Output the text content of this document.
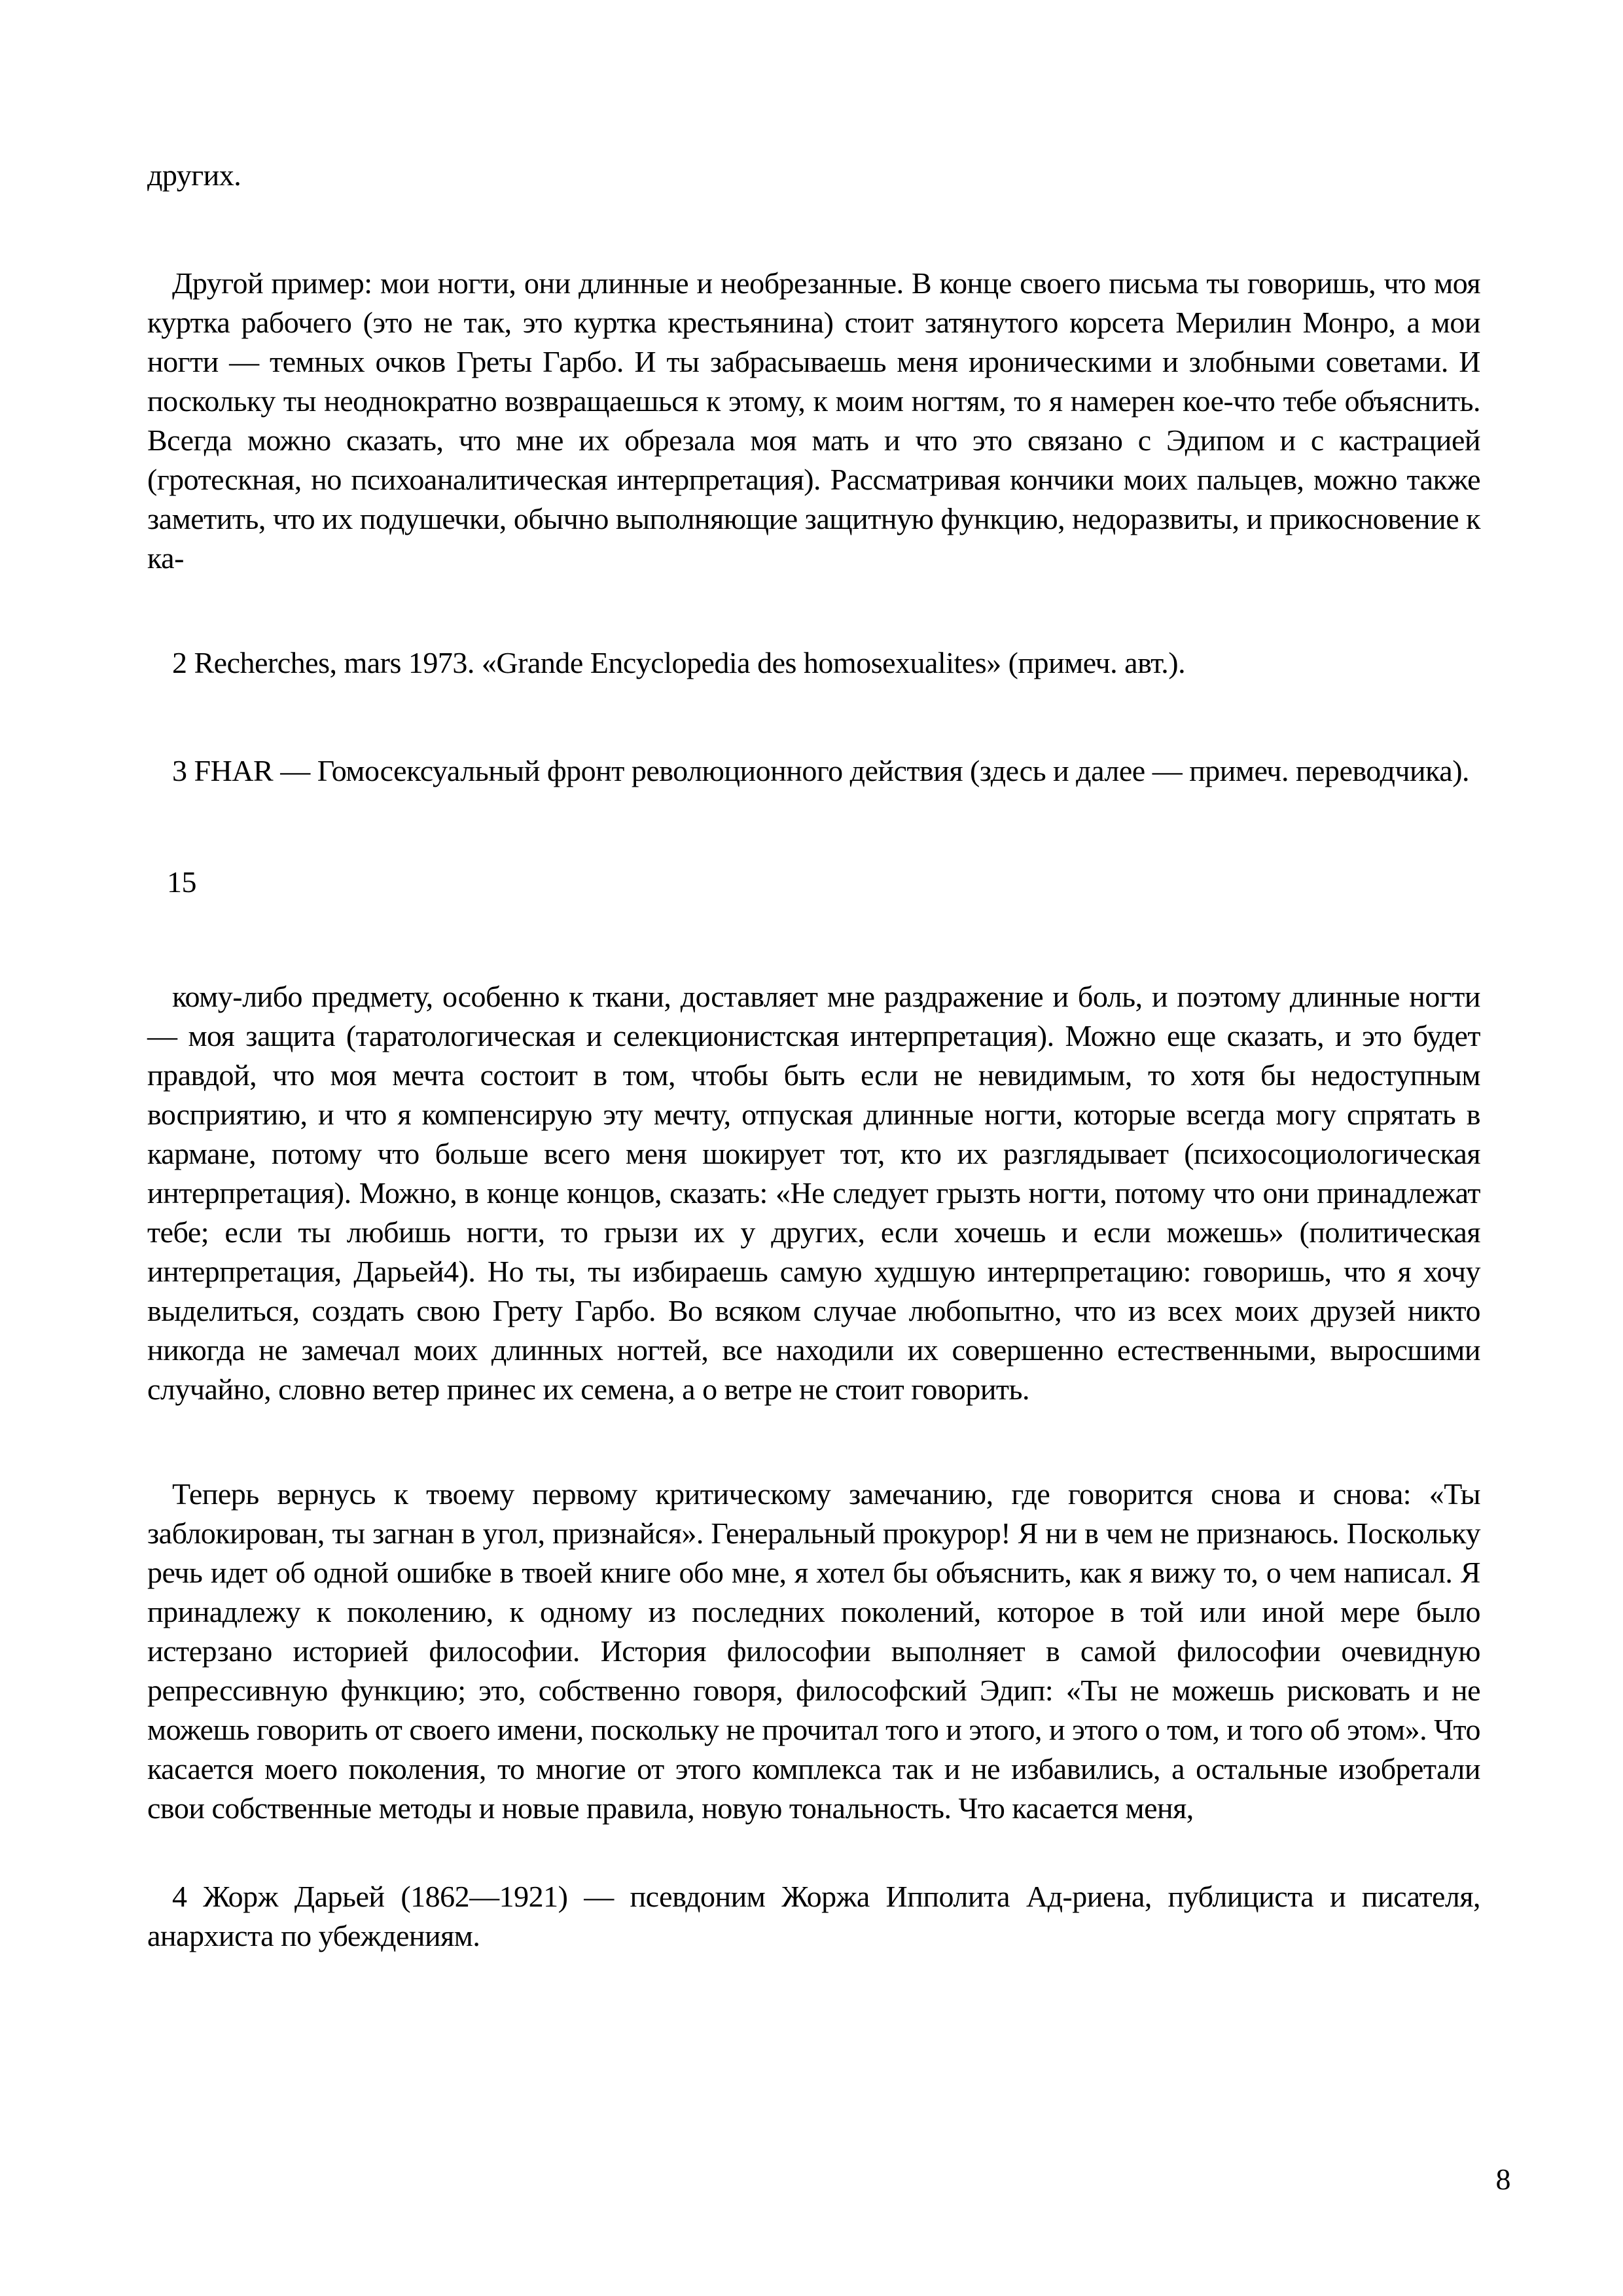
других.

Другой пример: мои ногти, они длинные и необрезанные. В конце своего письма ты говоришь, что моя куртка рабочего (это не так, это куртка крестьянина) стоит затянутого корсета Мерилин Монро, а мои ногти — темных очков Греты Гарбо. И ты забрасываешь меня ироническими и злобными советами. И поскольку ты неоднократно возвращаешься к этому, к моим ногтям, то я намерен кое-что тебе объяснить. Всегда можно сказать, что мне их обрезала моя мать и что это связано с Эдипом и с кастрацией (гротескная, но психоаналитическая интерпретация). Рассматривая кончики моих пальцев, можно также заметить, что их подушечки, обычно выполняющие защитную функцию, недоразвиты, и прикосновение к ка-

2 Recherches, mars 1973. «Grande Encyclopedia des homosexualites» (примеч. авт.).

3 FHAR — Гомосексуальный фронт революционного действия (здесь и далее — примеч. переводчика).

15

кому-либо предмету, особенно к ткани, доставляет мне раздражение и боль, и поэтому длинные ногти — моя защита (таратологическая и селекционистская интерпретация). Можно еще сказать, и это будет правдой, что моя мечта состоит в том, чтобы быть если не невидимым, то хотя бы недоступным восприятию, и что я компенсирую эту мечту, отпуская длинные ногти, которые всегда могу спрятать в кармане, потому что больше всего меня шокирует тот, кто их разглядывает (психосоциологическая интерпретация). Можно, в конце концов, сказать: «Не следует грызть ногти, потому что они принадлежат тебе; если ты любишь ногти, то грызи их у других, если хочешь и если можешь» (политическая интерпретация, Дарьей4). Но ты, ты избираешь самую худшую интерпретацию: говоришь, что я хочу выделиться, создать свою Грету Гарбо. Во всяком случае любопытно, что из всех моих друзей никто никогда не замечал моих длинных ногтей, все находили их совершенно естественными, выросшими случайно, словно ветер принес их семена, а о ветре не стоит говорить.

Теперь вернусь к твоему первому критическому замечанию, где говорится снова и снова: «Ты заблокирован, ты загнан в угол, признайся». Генеральный прокурор! Я ни в чем не признаюсь. Поскольку речь идет об одной ошибке в твоей книге обо мне, я хотел бы объяснить, как я вижу то, о чем написал. Я принадлежу к поколению, к одному из последних поколений, которое в той или иной мере было истерзано историей философии. История философии выполняет в самой философии очевидную репрессивную функцию; это, собственно говоря, философский Эдип: «Ты не можешь рисковать и не можешь говорить от своего имени, поскольку не прочитал того и этого, и этого о том, и того об этом». Что касается моего поколения, то многие от этого комплекса так и не избавились, а остальные изобретали свои собственные методы и новые правила, новую тональность. Что касается меня,

4 Жорж Дарьей (1862—1921) — псевдоним Жоржа Ипполита Ад-риена, публициста и писателя, анархиста по убеждениям.

8
